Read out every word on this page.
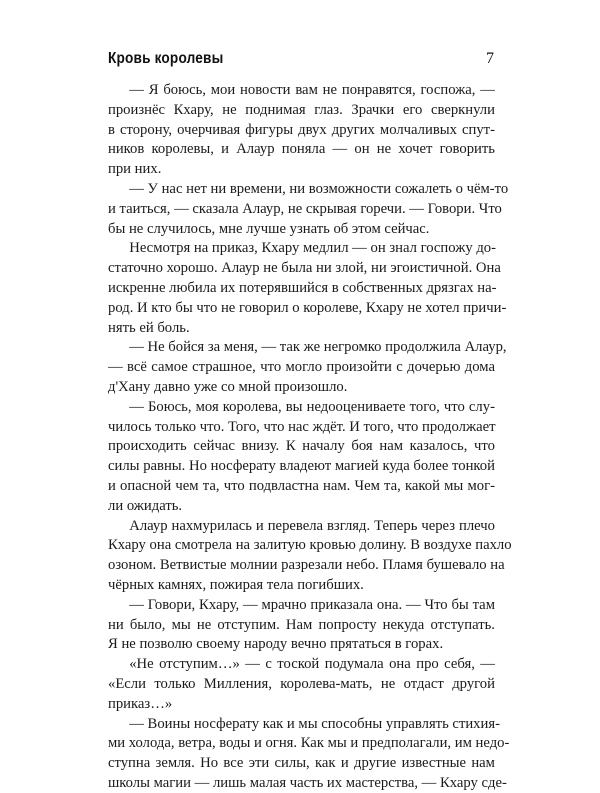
Кровь королевы	7
— Я боюсь, мои новости вам не понравятся, госпожа, —
произнёс Кхару, не поднимая глаз. Зрачки его сверкнули
в сторону, очерчивая фигуры двух других молчаливых спут-
ников королевы, и Алаур поняла — он не хочет говорить
при них.
— У нас нет ни времени, ни возможности сожалеть о чём-то
и таиться, — сказала Алаур, не скрывая горечи. — Говори. Что
бы не случилось, мне лучше узнать об этом сейчас.
Несмотря на приказ, Кхару медлил — он знал госпожу до-
статочно хорошо. Алаур не была ни злой, ни эгоистичной. Она
искренне любила их потерявшийся в собственных дрязгах на-
род. И кто бы что не говорил о королеве, Кхару не хотел причи-
нять ей боль.
— Не бойся за меня, — так же негромко продолжила Алаур,
— всё самое страшное, что могло произойти с дочерью дома
д'Хану давно уже со мной произошло.
— Боюсь, моя королева, вы недооцениваете того, что слу-
чилось только что. Того, что нас ждёт. И того, что продолжает
происходить сейчас внизу. К началу боя нам казалось, что
силы равны. Но носферату владеют магией куда более тонкой
и опасной чем та, что подвластна нам. Чем та, какой мы мог-
ли ожидать.
Алаур нахмурилась и перевела взгляд. Теперь через плечо
Кхару она смотрела на залитую кровью долину. В воздухе пахло
озоном. Ветвистые молнии разрезали небо. Пламя бушевало на
чёрных камнях, пожирая тела погибших.
— Говори, Кхару, — мрачно приказала она. — Что бы там
ни было, мы не отступим. Нам попросту некуда отступать.
Я не позволю своему народу вечно прятаться в горах.
«Не отступим…» — с тоской подумала она про себя, —
«Если только Милления, королева-мать, не отдаст другой
приказ…»
— Воины носферату как и мы способны управлять стихия-
ми холода, ветра, воды и огня. Как мы и предполагали, им недо-
ступна земля. Но все эти силы, как и другие известные нам
школы магии — лишь малая часть их мастерства, — Кхару сде-
